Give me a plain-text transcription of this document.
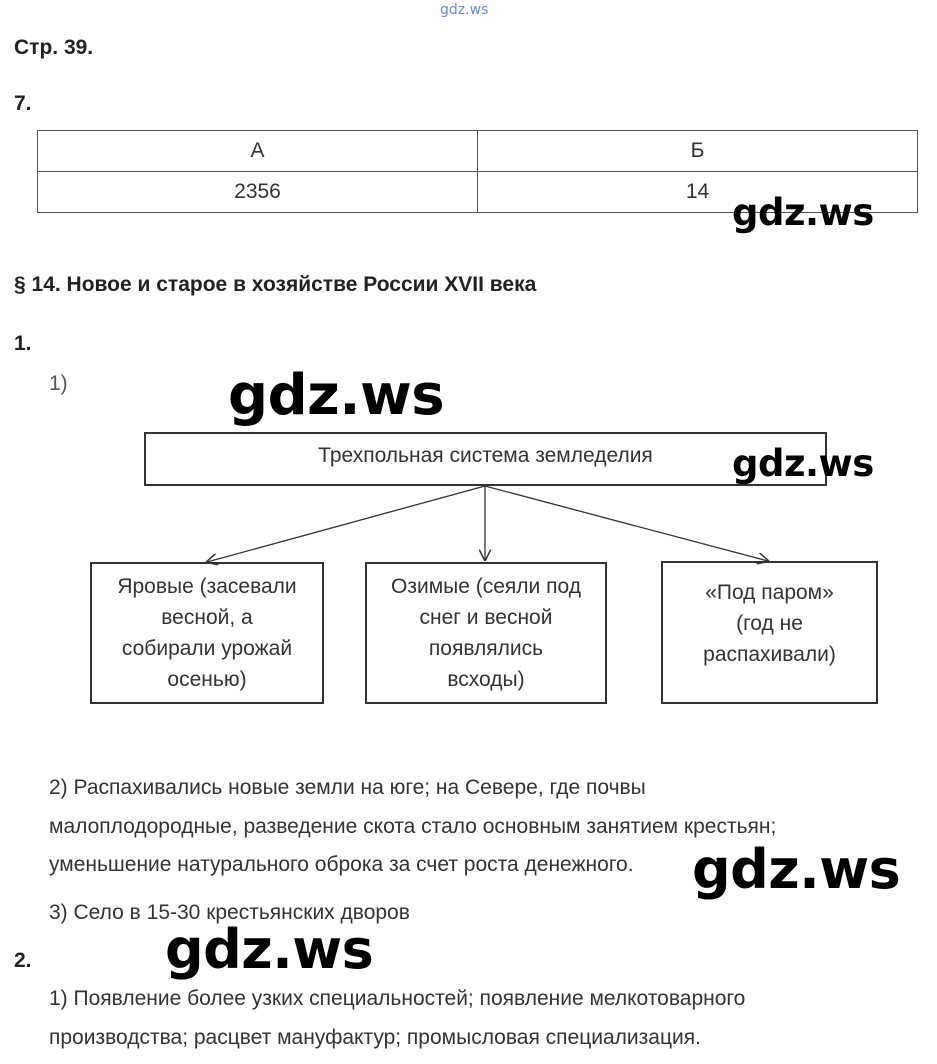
gdz.ws
Стр. 39.
7.
А	Б
2356	14 gdz.ws
§ 14. Новое и старое в хозяйстве России XVII века
1.
1)	gdz.ws
Трехпольная система земледелия
Яровые (засевали
весной, а
собирали урожай
осенью)
Озимые (сеяли под
снег и весной
появлялись
всходы)
«Под паром»
(год не
распахивали)
gdz.ws
2) Распахивались новые земли на юге; на Севере, где почвы
малоплодородные, разведение скота стало основным занятием крестьян;
уменьшение натурального оброка за счет роста денежного.
3) Село в 15-30 крестьянских дворов
gdz.ws
2. gdz.ws
1) Появление более узких специальностей; появление мелкотоварного
производства; расцвет мануфактур; промысловая специализация.
